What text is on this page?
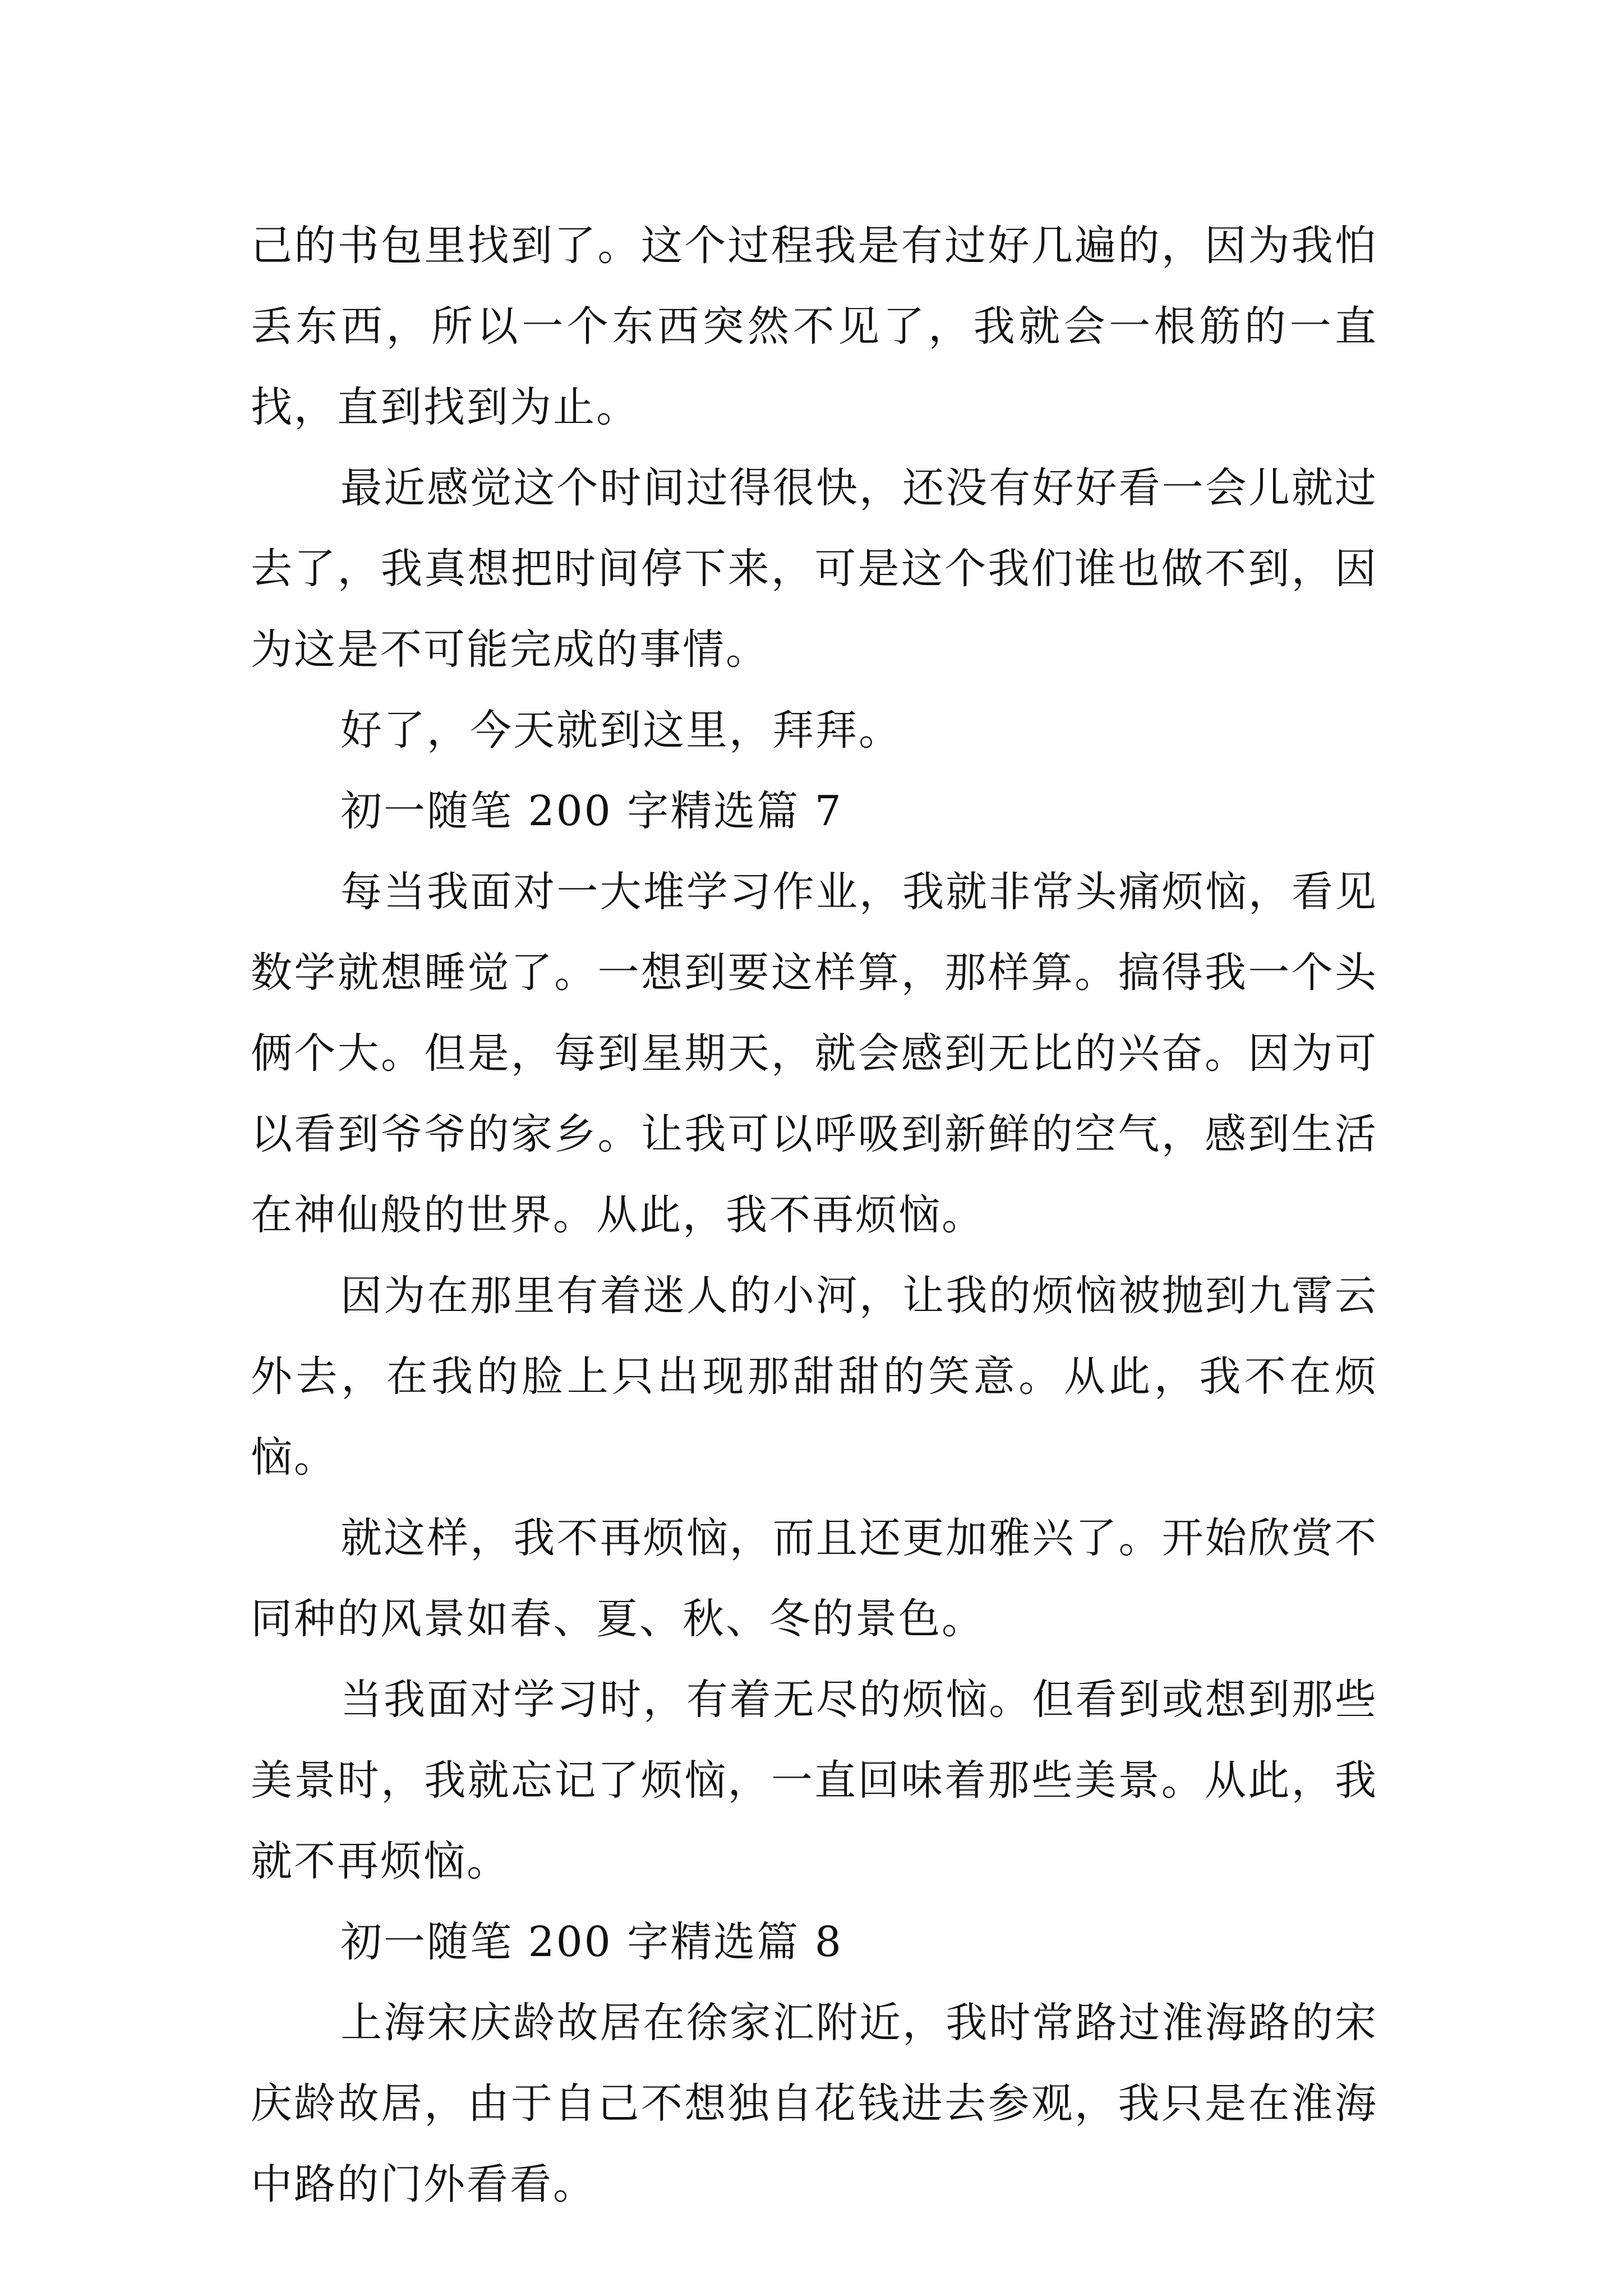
己的书包里找到了。这个过程我是有过好几遍的，因为我怕丢东西，所以一个东西突然不见了，我就会一根筋的一直找，直到找到为止。

最近感觉这个时间过得很快，还没有好好看一会儿就过去了，我真想把时间停下来，可是这个我们谁也做不到，因为这是不可能完成的事情。

好了，今天就到这里，拜拜。

初一随笔 200 字精选篇 7

每当我面对一大堆学习作业，我就非常头痛烦恼，看见数学就想睡觉了。一想到要这样算，那样算。搞得我一个头俩个大。但是，每到星期天，就会感到无比的兴奋。因为可以看到爷爷的家乡。让我可以呼吸到新鲜的空气，感到生活在神仙般的世界。从此，我不再烦恼。

因为在那里有着迷人的小河，让我的烦恼被抛到九霄云外去，在我的脸上只出现那甜甜的笑意。从此，我不在烦恼。

就这样，我不再烦恼，而且还更加雅兴了。开始欣赏不同种的风景如春、夏、秋、冬的景色。

当我面对学习时，有着无尽的烦恼。但看到或想到那些美景时，我就忘记了烦恼，一直回味着那些美景。从此，我就不再烦恼。

初一随笔 200 字精选篇 8

上海宋庆龄故居在徐家汇附近，我时常路过淮海路的宋庆龄故居，由于自己不想独自花钱进去参观，我只是在淮海中路的门外看看。
